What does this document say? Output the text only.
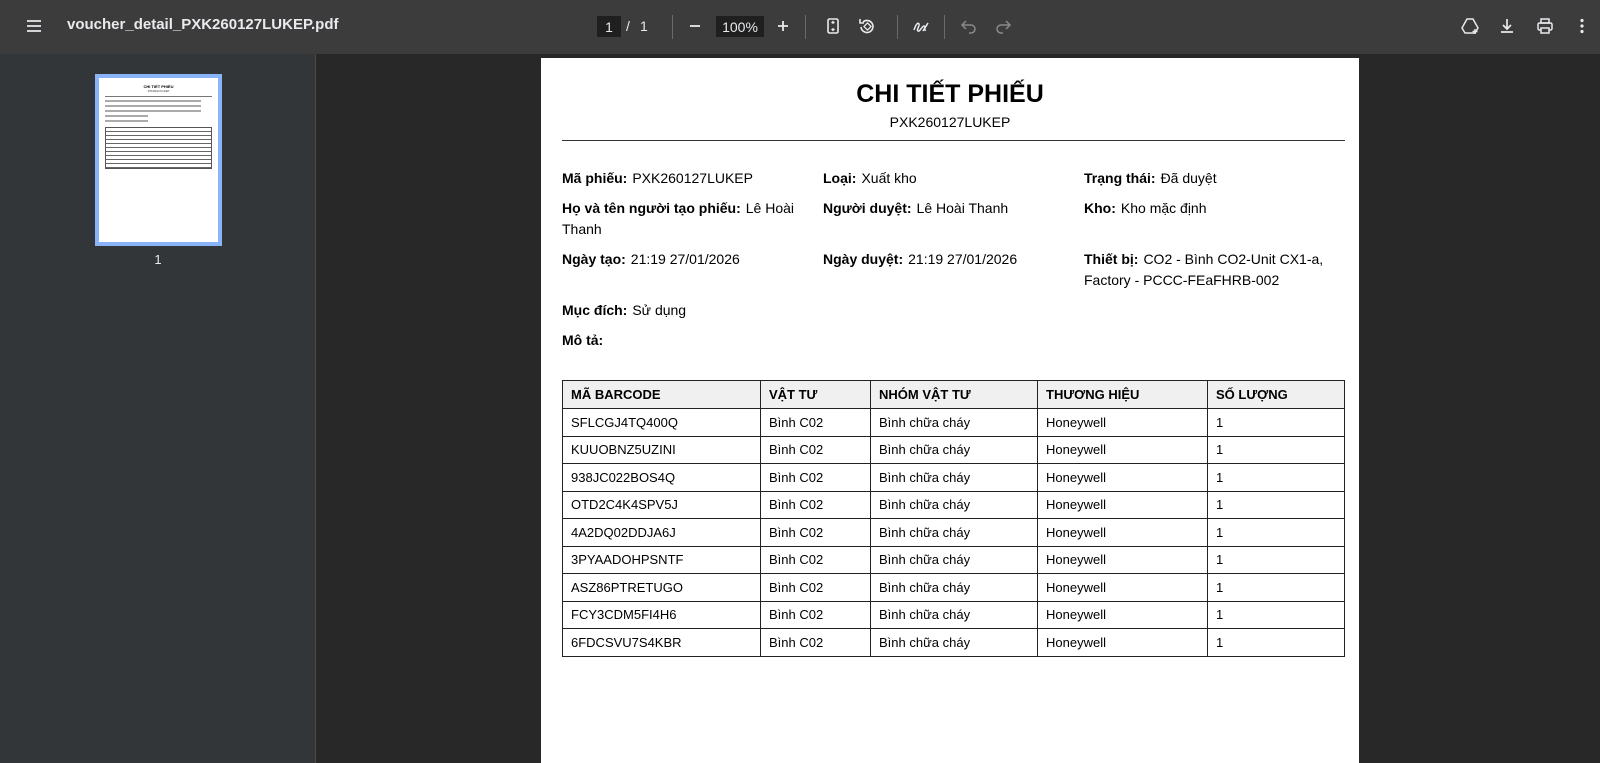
voucher_detail_PXK260127LUKEP.pdf
1	/ 1
100%
CHI TIẾT PHIẾU
PXK260127LUKEP
1
CHI TIẾT PHIẾU
PXK260127LUKEP
Mã phiếu: PXK260127LUKEP	Loại: Xuất kho	Trạng thái: Đã duyệt
Họ và tên người tạo phiếu: Lê Hoài Thanh
Người duyệt: Lê Hoài Thanh	Kho: Kho mặc định
Ngày tạo: 21:19 27/01/2026	Ngày duyệt: 21:19 27/01/2026	Thiết bị: CO2 - Bình CO2-Unit CX1-a, Factory - PCCC-FEaFHRB-002
Mục đích: Sử dụng
Mô tả:
MÃ BARCODE	VẬT TƯ	NHÓM VẬT TƯ	THƯƠNG HIỆU	SỐ LƯỢNG
SFLCGJ4TQ400Q	Bình C02	Bình chữa cháy	Honeywell	1
KUUOBNZ5UZINI	Bình C02	Bình chữa cháy	Honeywell	1
938JC022BOS4Q	Bình C02	Bình chữa cháy	Honeywell	1
OTD2C4K4SPV5J	Bình C02	Bình chữa cháy	Honeywell	1
4A2DQ02DDJA6J	Bình C02	Bình chữa cháy	Honeywell	1
3PYAADOHPSNTF	Bình C02	Bình chữa cháy	Honeywell	1
ASZ86PTRETUGO	Bình C02	Bình chữa cháy	Honeywell	1
FCY3CDM5FI4H6	Bình C02	Bình chữa cháy	Honeywell	1
6FDCSVU7S4KBR	Bình C02	Bình chữa cháy	Honeywell	1
